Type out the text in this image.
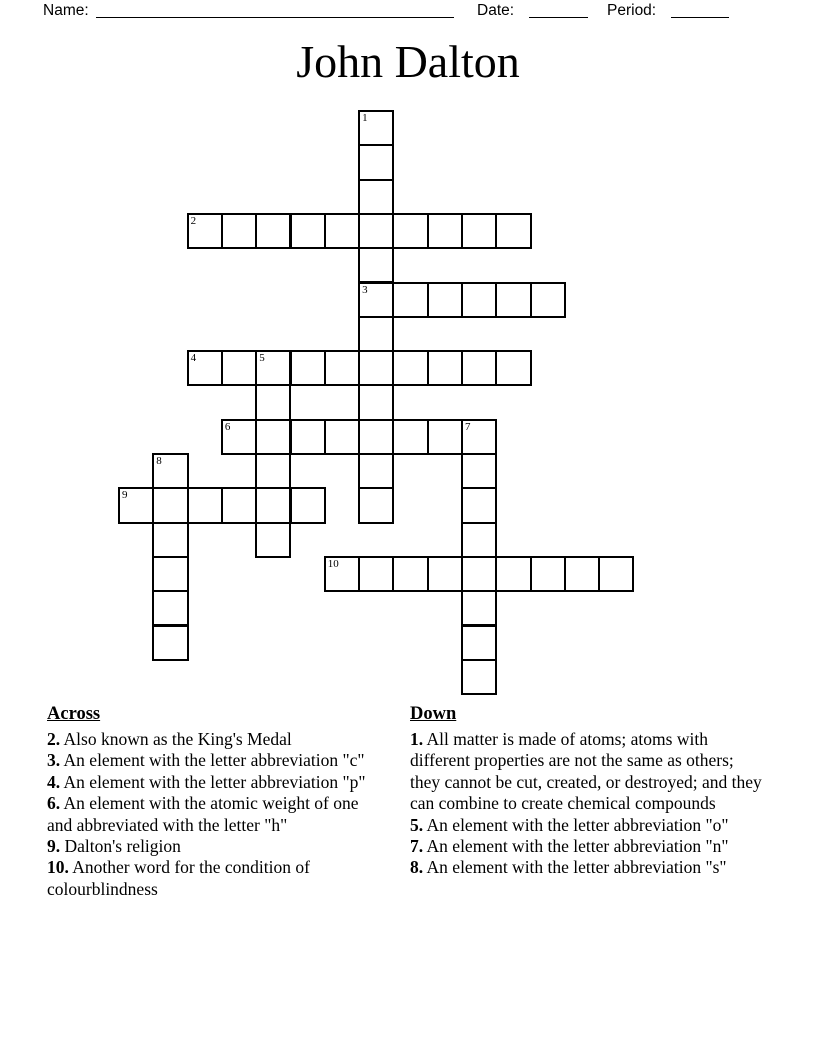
Name:	Date:	Period:
John Dalton
1
3
2
4	5
6	7
8
9
10
Across
2. Also known as the King's Medal
3. An element with the letter abbreviation "c"
4. An element with the letter abbreviation "p"
6. An element with the atomic weight of one and abbreviated with the letter "h"
9. Dalton's religion
10. Another word for the condition of colourblindness
Down
1. All matter is made of atoms; atoms with different properties are not the same as others; they cannot be cut, created, or destroyed; and they can combine to create chemical compounds
5. An element with the letter abbreviation "o"
7. An element with the letter abbreviation "n"
8. An element with the letter abbreviation "s"
